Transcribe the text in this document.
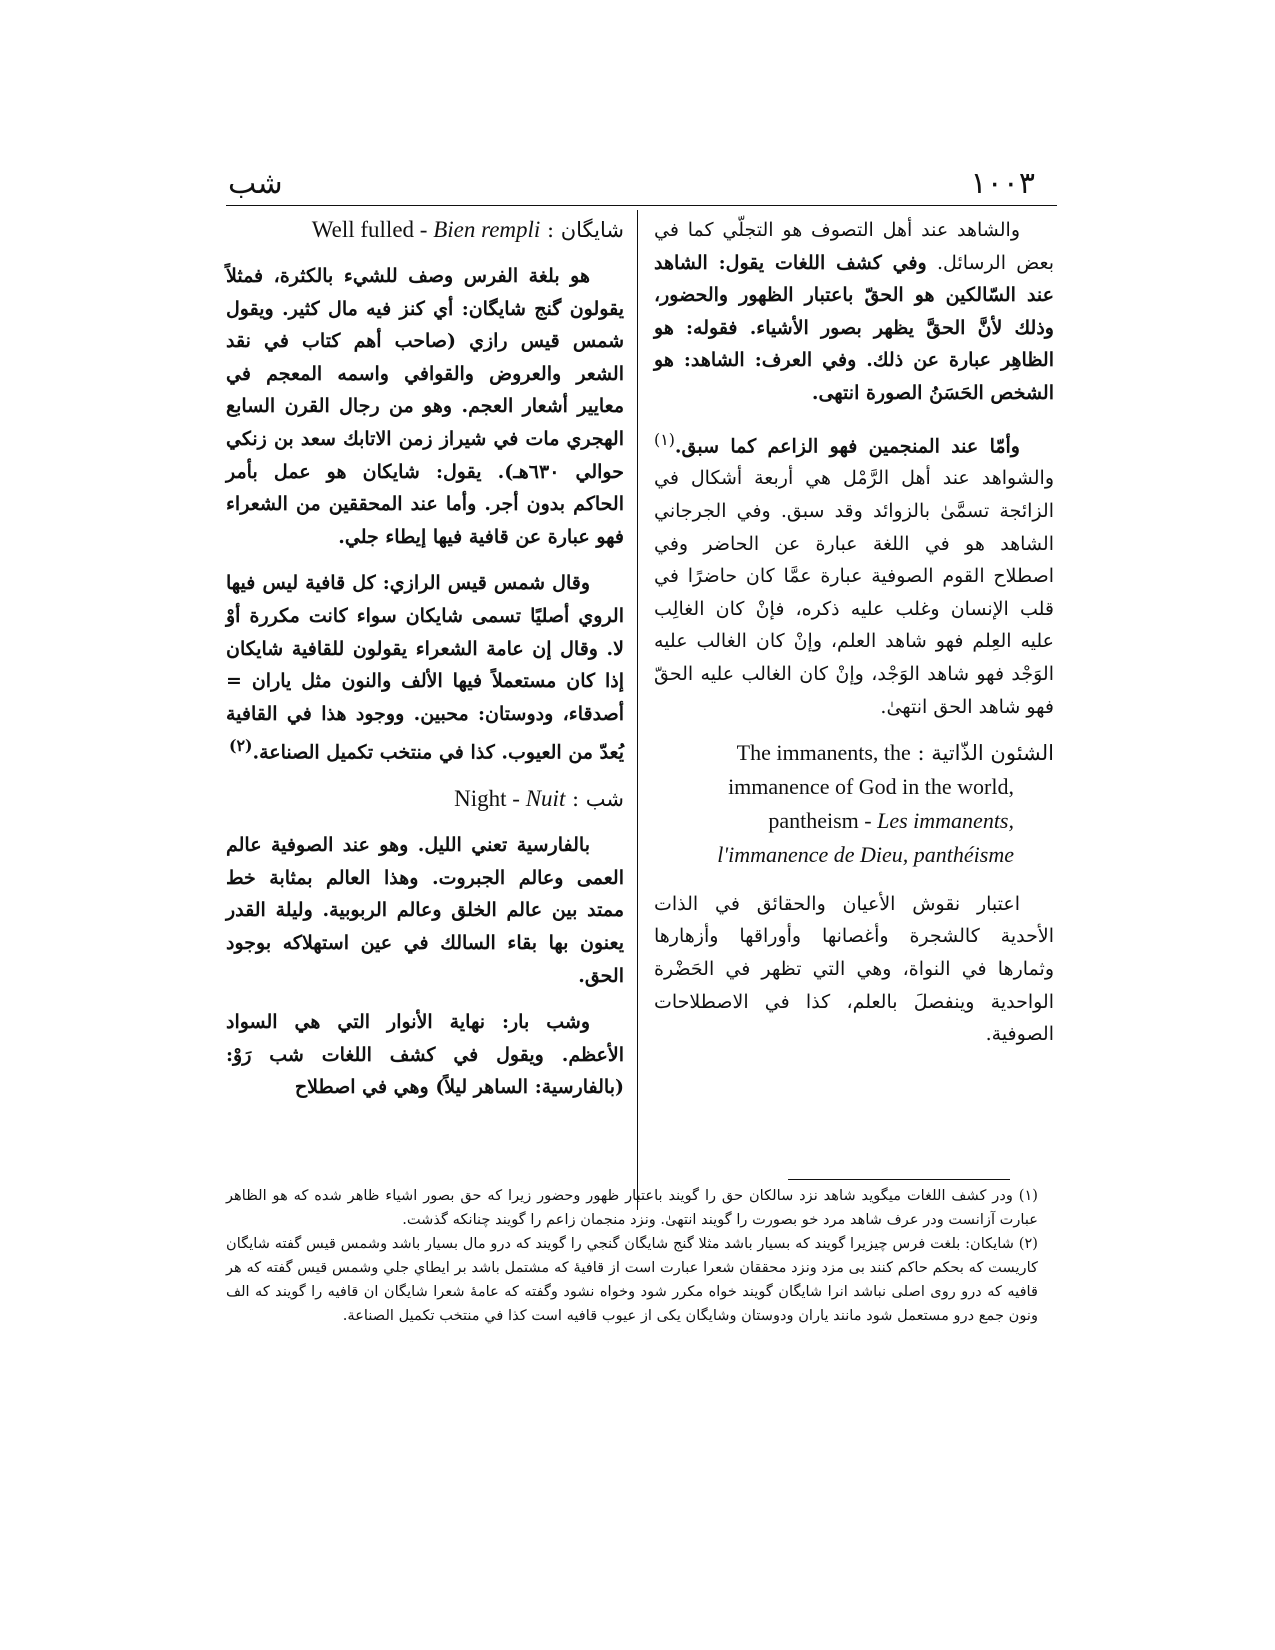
شب	١٠٠٣

والشاهد عند أهل التصوف هو التجلّي كما في بعض الرسائل. وفي كشف اللغات يقول: الشاهد عند السّالكين هو الحقّ باعتبار الظهور والحضور، وذلك لأنَّ الحقَّ يظهر بصور الأشياء. فقوله: هو الظاهِر عبارة عن ذلك. وفي العرف: الشاهد: هو الشخص الحَسَنُ الصورة انتهى.

وأمّا عند المنجمين فهو الزاعم كما سبق.$^{(١)}$ والشواهد عند أهل الرَّمْل هي أربعة أشكال في الزائجة تسمَّىٰ بالزوائد وقد سبق. وفي الجرجاني الشاهد هو في اللغة عبارة عن الحاضر وفي اصطلاح القوم الصوفية عبارة عمَّا كان حاضرًا في قلب الإنسان وغلب عليه ذكره، فإنْ كان الغالِب عليه العِلم فهو شاهد العلم، وإنْ كان الغالب عليه الوَجْد فهو شاهد الوَجْد، وإنْ كان الغالب عليه الحقّ فهو شاهد الحق انتهىٰ.

الشئون الذّاتية : The immanents, the
immanence of God in the world,
pantheism - Les immanents,
l'immanence de Dieu, panthéisme

اعتبار نقوش الأعيان والحقائق في الذات الأحدية كالشجرة وأغصانها وأوراقها وأزهارها وثمارها في النواة، وهي التي تظهر في الحَضْرة الواحدية وينفصلَ بالعلم، كذا في الاصطلاحات الصوفية.

شايگان : Well fulled - Bien rempli

هو بلغة الفرس وصف للشيء بالكثرة، فمثلاً يقولون گنج شايگان: أي كنز فيه مال كثير. ويقول شمس قيس رازي (صاحب أهم كتاب في نقد الشعر والعروض والقوافي واسمه المعجم في معايير أشعار العجم. وهو من رجال القرن السابع الهجري مات في شيراز زمن الاتابك سعد بن زنكي حوالي ٦٣٠هـ). يقول: شايكان هو عمل بأمر الحاكم بدون أجر. وأما عند المحققين من الشعراء فهو عبارة عن قافية فيها إيطاء جلي.

وقال شمس قيس الرازي: كل قافية ليس فيها الروي أصليًا تسمى شايكان سواء كانت مكررة أوْ لا. وقال إن عامة الشعراء يقولون للقافية شايكان إذا كان مستعملاً فيها الألف والنون مثل ياران = أصدقاء، ودوستان: محبين. ووجود هذا في القافية يُعدّ من العيوب. كذا في منتخب تكميل الصناعة.$^{(٢)}$

شب : Night - Nuit

بالفارسية تعني الليل. وهو عند الصوفية عالم العمى وعالم الجبروت. وهذا العالم بمثابة خط ممتد بين عالم الخلق وعالم الربوبية. وليلة القدر يعنون بها بقاء السالك في عين استهلاكه بوجود الحق.

وشب بار: نهاية الأنوار التي هي السواد الأعظم. ويقول في كشف اللغات شب رَوْ: (بالفارسية: الساهر ليلاً) وهي في اصطلاح

(١) ودر كشف اللغات ميگويد شاهد نزد سالكان حق را گويند باعتبار ظهور وحضور زيرا كه حق بصور اشياء ظاهر شده كه هو الظاهر عبارت آزانست ودر عرف شاهد مرد خو بصورت را گويند انتهىٰ. ونزد منجمان زاعم را گويند چنانكه گذشت.

(٢) شايكان: بلغت فرس چيزيرا گويند كه بسيار باشد مثلا گنج شايگان گنجي را گويند كه درو مال بسيار باشد وشمس قيس گفته شايگان كاريست كه بحكم حاكم كنند بى مزد ونزد محققان شعرا عبارت است از قافيهٔ كه مشتمل باشد بر ايطاي جلي وشمس قيس گفته كه هر قافيه كه درو روى اصلى نباشد انرا شايگان گويند خواه مكرر شود وخواه نشود وگفته كه عامهٔ شعرا شايگان ان قافيه را گويند كه الف ونون جمع درو مستعمل شود مانند ياران ودوستان وشايگان يكى از عيوب قافيه است كذا في منتخب تكميل الصناعة.
